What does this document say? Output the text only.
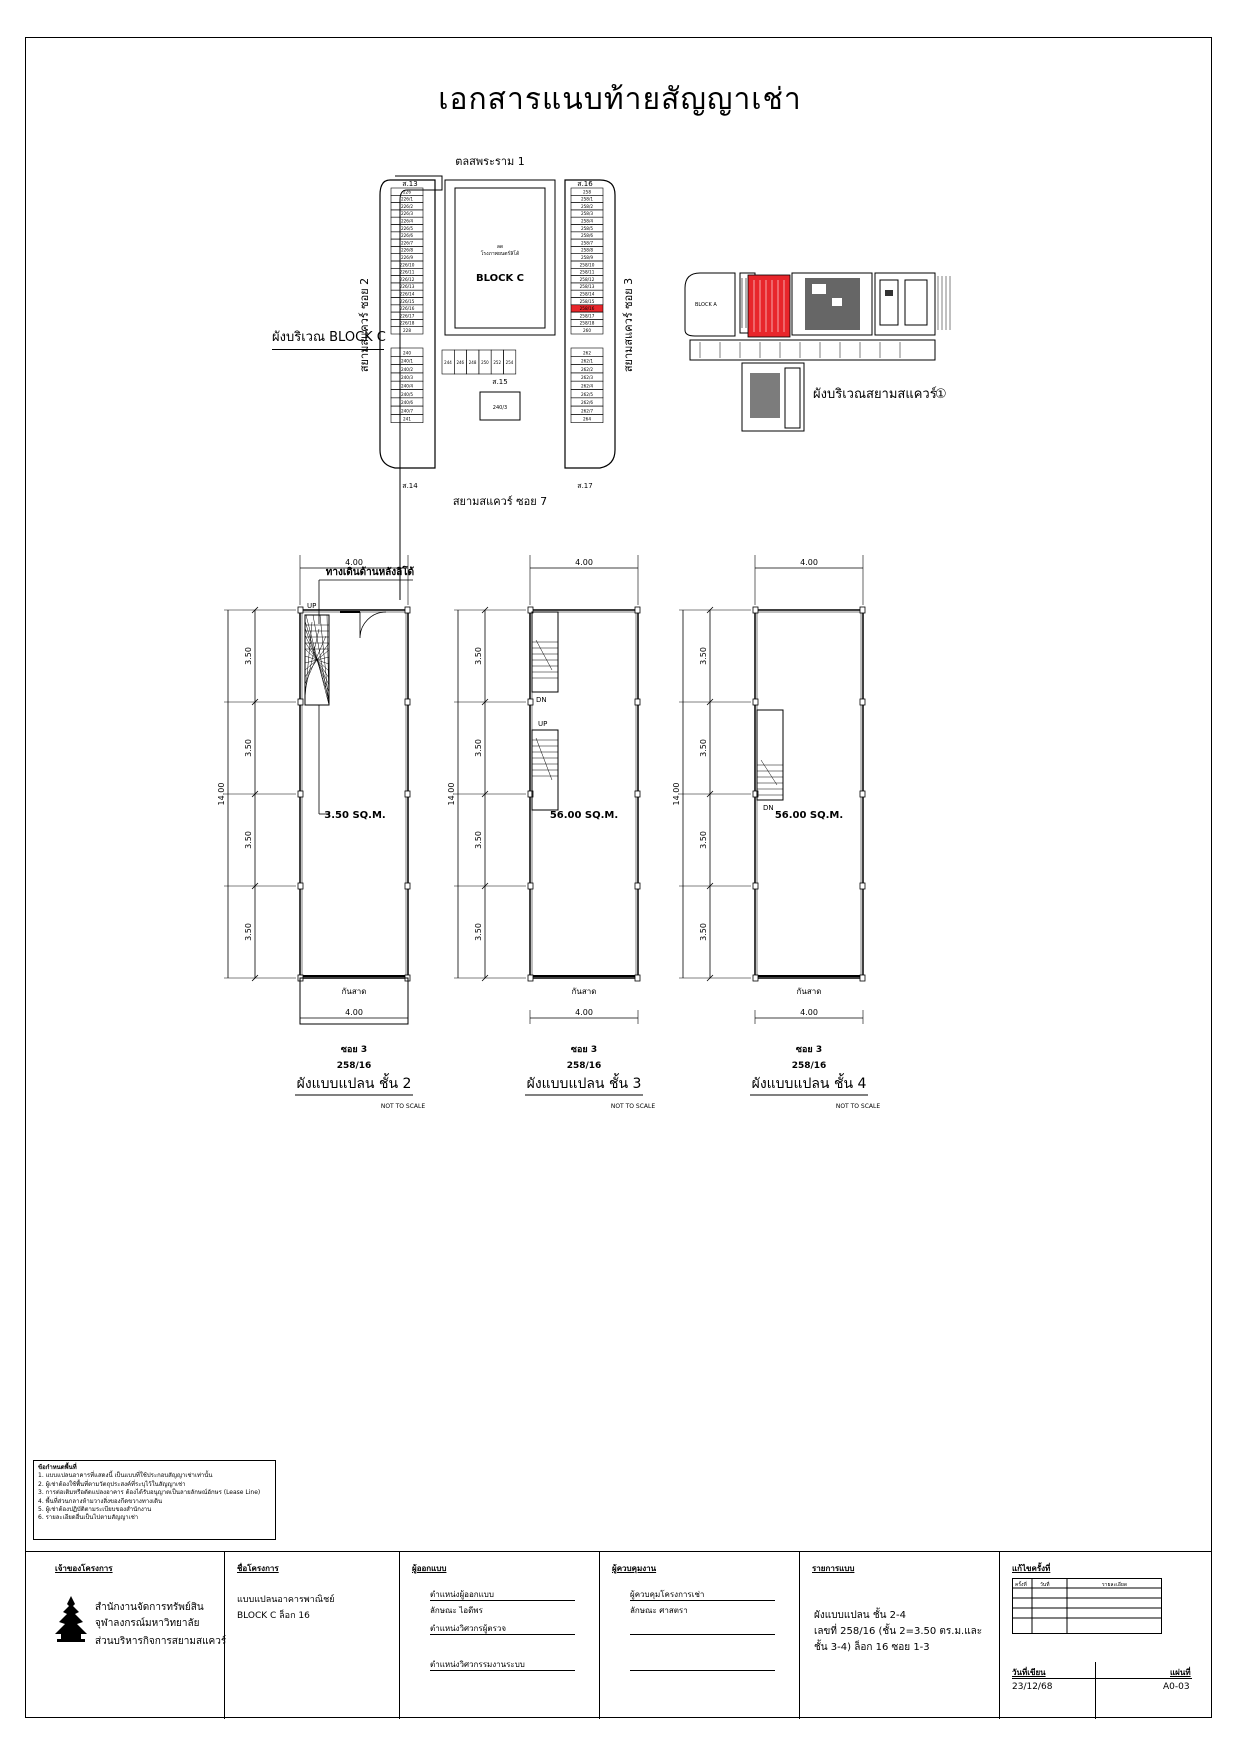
เอกสารแนบท้ายสัญญาเช่า
ตลสพระราม 1
ส.13	ส.16
226
226/1
226/2
226/3
226/4
226/5
226/6
226/7
226/8
226/9
226/10
226/11
226/12
226/13
226/14
226/15
226/16
226/17
226/18
228
240
240/1
240/2
240/3
240/4
240/5
240/6
240/7
241
258
258/1
258/2
258/3
258/4
258/5
258/6
258/7
258/8
258/9
258/10
258/11
258/12
258/13
258/14
258/15
258/16
258/17
258/18
260
262
262/1
262/2
262/3
262/4
262/5
262/6
262/7
264
ลด
โรงภาพยนตร์ลิโด้
BLOCK C
244 246 248 250 252 254
ส.15
240/3
ส.14	ส.17
สยามสแควร์ ซอย 7
สยามสแควร์ ซอย 2	สยามสแควร์ ซอย 3
ผังบริเวณ BLOCK C
BLOCK A
ผังบริเวณสยามสแควร์
①
4.00
3.50
3.50
3.50
3.50
14.00
4.00
กันสาด
3.50 SQ.M.
UP
ทางเดินด้านหลังลิโด้
ซอย 3
258/16
ผังแบบแปลน ชั้น 2
NOT TO SCALE
4.00
3.50
3.50
3.50
3.50
14.00
4.00
กันสาด
56.00 SQ.M.
DN
UP
ซอย 3
258/16
ผังแบบแปลน ชั้น 3
NOT TO SCALE
4.00
3.50
3.50
3.50
3.50
14.00
4.00
กันสาด
56.00 SQ.M.
DN
ซอย 3
258/16
ผังแบบแปลน ชั้น 4
NOT TO SCALE
ข้อกำหนดพื้นที่
1. แบบแปลนอาคารที่แสดงนี้ เป็นแบบที่ใช้ประกอบสัญญาเช่าเท่านั้น
2. ผู้เช่าต้องใช้พื้นที่ตามวัตถุประสงค์ที่ระบุไว้ในสัญญาเช่า
3. การต่อเติมหรือดัดแปลงอาคาร ต้องได้รับอนุญาตเป็นลายลักษณ์อักษร (Lease Line)
4. พื้นที่ส่วนกลางห้ามวางสิ่งของกีดขวางทางเดิน
5. ผู้เช่าต้องปฏิบัติตามระเบียบของสำนักงาน
6. รายละเอียดอื่นเป็นไปตามสัญญาเช่า
เจ้าของโครงการ
สำนักงานจัดการทรัพย์สิน
จุฬาลงกรณ์มหาวิทยาลัย
ส่วนบริหารกิจการสยามสแควร์
ชื่อโครงการ
แบบแปลนอาคารพาณิชย์
BLOCK C ล็อก 16
ผู้ออกแบบ
ตำแหน่งผู้ออกแบบ
ลักษณะ ไอดีพร
ตำแหน่งวิศวกรผู้ตรวจ
ตำแหน่งวิศวกรรมงานระบบ
ผู้ควบคุมงาน
ผู้ควบคุมโครงการเช่า
ลักษณะ ศาสตรา
รายการแบบ
ผังแบบแปลน ชั้น 2-4
เลขที่ 258/16 (ชั้น 2=3.50 ตร.ม.และ
ชั้น 3-4) ล็อก 16 ซอย 1-3
แก้ไขครั้งที่
ครั้งที่	วันที่	รายละเอียด
วันที่เขียน
23/12/68
แผ่นที่
A0-03
